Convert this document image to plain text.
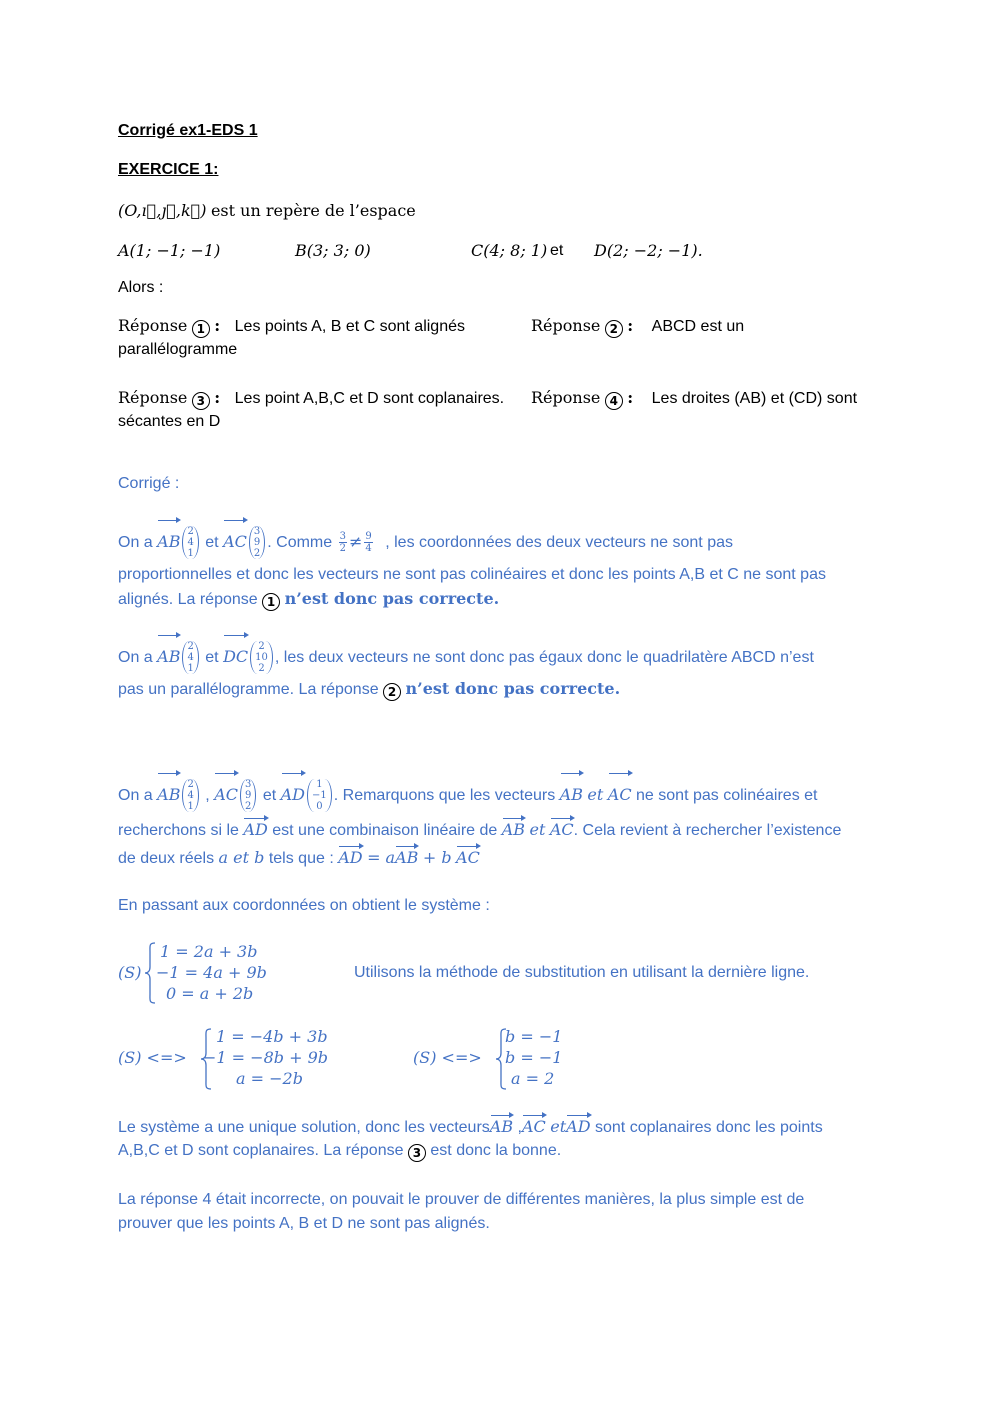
Corrigé ex1-EDS 1
EXERCICE 1:
(O,ı⃗,ȷ⃗,k⃗) est un repère de l’espace
A(1; −1; −1)	B(3; 3; 0)	C(4; 8; 1) et D(2; −2; −1).
Alors :
Réponse 1 : Les points A, B et C sont alignés	Réponse 2 : ABCD est un
parallélogramme
Réponse 3 : Les point A,B,C et D sont coplanaires. Réponse 4 : Les droites (AB) et (CD) sont
sécantes en D
Corrigé :
On a AB
2
4
1
et AC
3
9
2
. Comme $\frac{3}{2} \ne \frac{9}{4}$ , les coordonnées des deux vecteurs ne sont pas
proportionnelles et donc les vecteurs ne sont pas colinéaires et donc les points A,B et C ne sont pas
alignés. La réponse 1 n’est donc pas correcte.
On a AB
2
4
1
et DC
2
10
2
, les deux vecteurs ne sont donc pas égaux donc le quadrilatère ABCD n’est
pas un parallélogramme. La réponse 2 n’est donc pas correcte.
On a AB
2
4
1
, AC
3
9
2
et AD
1
−1
0
. Remarquons que les vecteurs AB et AC ne sont pas colinéaires et
recherchons si le AD est une combinaison linéaire de AB et AC. Cela revient à rechercher l’existence
de deux réels a et b tels que : AD = aAB + b AC
En passant aux coordonnées on obtient le système :
(S)
1 = 2a + 3b
−1 = 4a + 9b
0 = a + 2b
Utilisons la méthode de substitution en utilisant la dernière ligne.
(S) <=>
1 = −4b + 3b
−1 = −8b + 9b
a = −2b
(S) <=>
b = −1
b = −1
a = 2
Le système a une unique solution, donc les vecteursAB ,AC etAD sont coplanaires donc les points
A,B,C et D sont coplanaires. La réponse 3 est donc la bonne.
La réponse 4 était incorrecte, on pouvait le prouver de différentes manières, la plus simple est de
prouver que les points A, B et D ne sont pas alignés.
